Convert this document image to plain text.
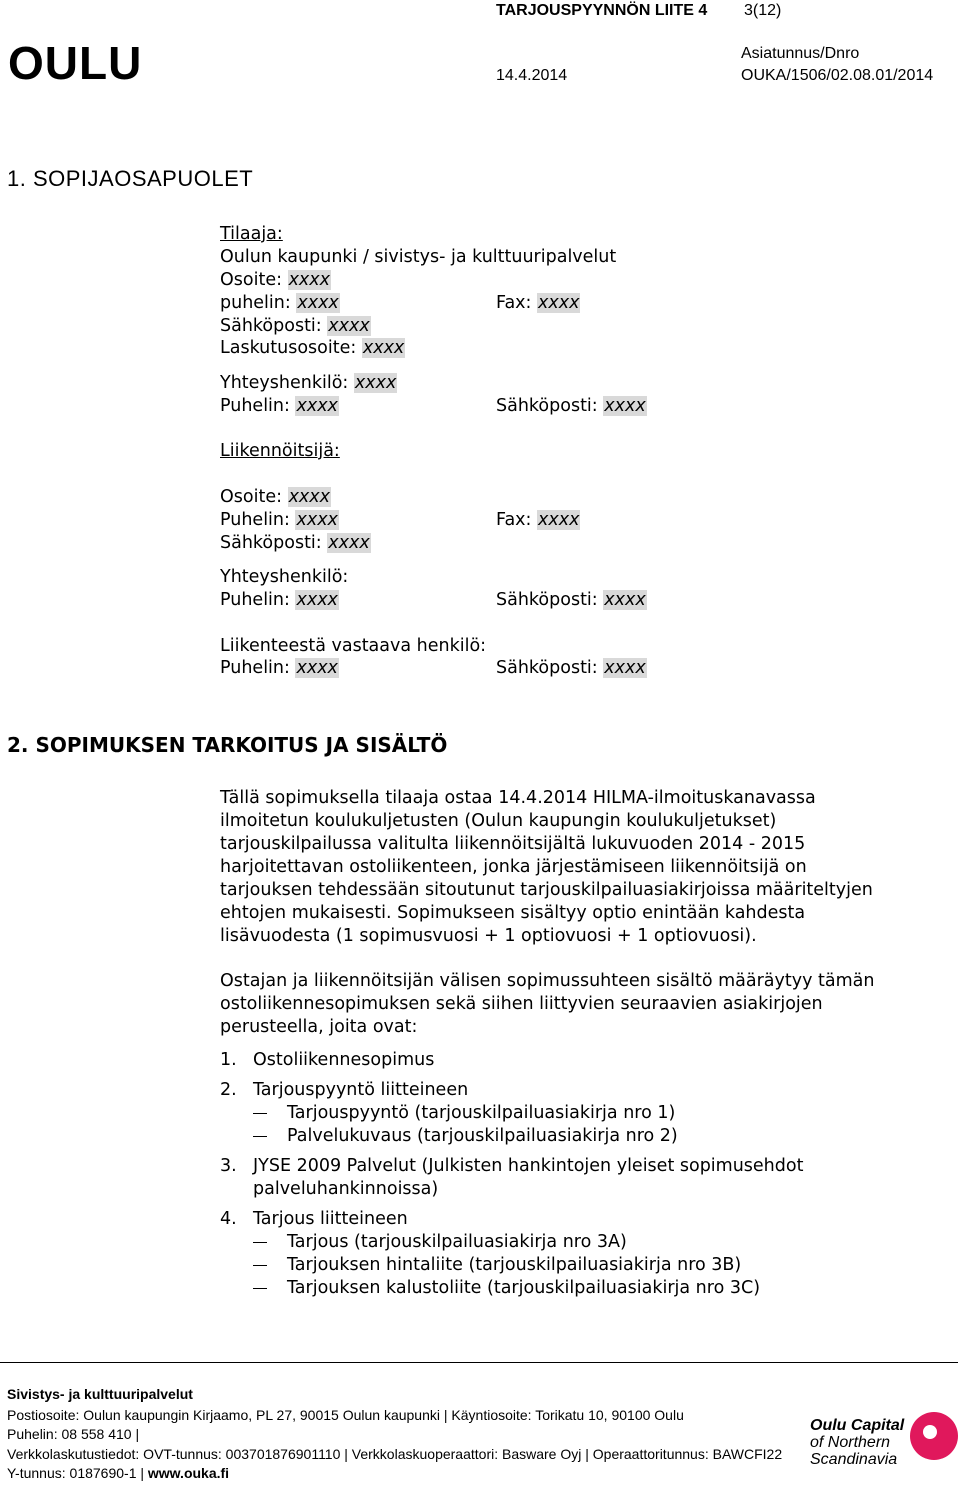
OULU
TARJOUSPYYNNÖN LIITE 4 3(12)
Asiatunnus/Dnro
14.4.2014	OUKA/1506/02.08.01/2014
1. SOPIJAOSAPUOLET
Tilaaja:
Oulun kaupunki / sivistys- ja kulttuuripalvelut
Osoite: xxxx
puhelin: xxxx	Fax: xxxx
Sähköposti: xxxx
Laskutusosoite: xxxx
Yhteyshenkilö: xxxx
Puhelin: xxxx	Sähköposti: xxxx
Liikennöitsijä:
Osoite: xxxx
Puhelin: xxxx	Fax: xxxx
Sähköposti: xxxx
Yhteyshenkilö:
Puhelin: xxxx	Sähköposti: xxxx
Liikenteestä vastaava henkilö:
Puhelin: xxxx	Sähköposti: xxxx
2. SOPIMUKSEN TARKOITUS JA SISÄLTÖ
Tällä sopimuksella tilaaja ostaa 14.4.2014 HILMA-ilmoituskanavassa
ilmoitetun koulukuljetusten (Oulun kaupungin koulukuljetukset)
tarjouskilpailussa valitulta liikennöitsijältä lukuvuoden 2014 - 2015
harjoitettavan ostoliikenteen, jonka järjestämiseen liikennöitsijä on
tarjouksen tehdessään sitoutunut tarjouskilpailuasiakirjoissa määriteltyjen
ehtojen mukaisesti. Sopimukseen sisältyy optio enintään kahdesta
lisävuodesta (1 sopimusvuosi + 1 optiovuosi + 1 optiovuosi).
Ostajan ja liikennöitsijän välisen sopimussuhteen sisältö määräytyy tämän
ostoliikennesopimuksen sekä siihen liittyvien seuraavien asiakirjojen
perusteella, joita ovat:
1. Ostoliikennesopimus
2. Tarjouspyyntö liitteineen
Tarjouspyyntö (tarjouskilpailuasiakirja nro 1)
Palvelukuvaus (tarjouskilpailuasiakirja nro 2)
3. JYSE 2009 Palvelut (Julkisten hankintojen yleiset sopimusehdot
palveluhankinnoissa)
4. Tarjous liitteineen
Tarjous (tarjouskilpailuasiakirja nro 3A)
Tarjouksen hintaliite (tarjouskilpailuasiakirja nro 3B)
Tarjouksen kalustoliite (tarjouskilpailuasiakirja nro 3C)
Sivistys- ja kulttuuripalvelut
Postiosoite: Oulun kaupungin Kirjaamo, PL 27, 90015 Oulun kaupunki | Käyntiosoite: Torikatu 10, 90100 Oulu
Puhelin: 08 558 410 |
Verkkolaskutustiedot: OVT-tunnus: 003701876901110 | Verkkolaskuoperaattori: Basware Oyj | Operaattoritunnus: BAWCFI22
Y-tunnus: 0187690-1 | www.ouka.fi
Oulu Capital
of Northern
Scandinavia
